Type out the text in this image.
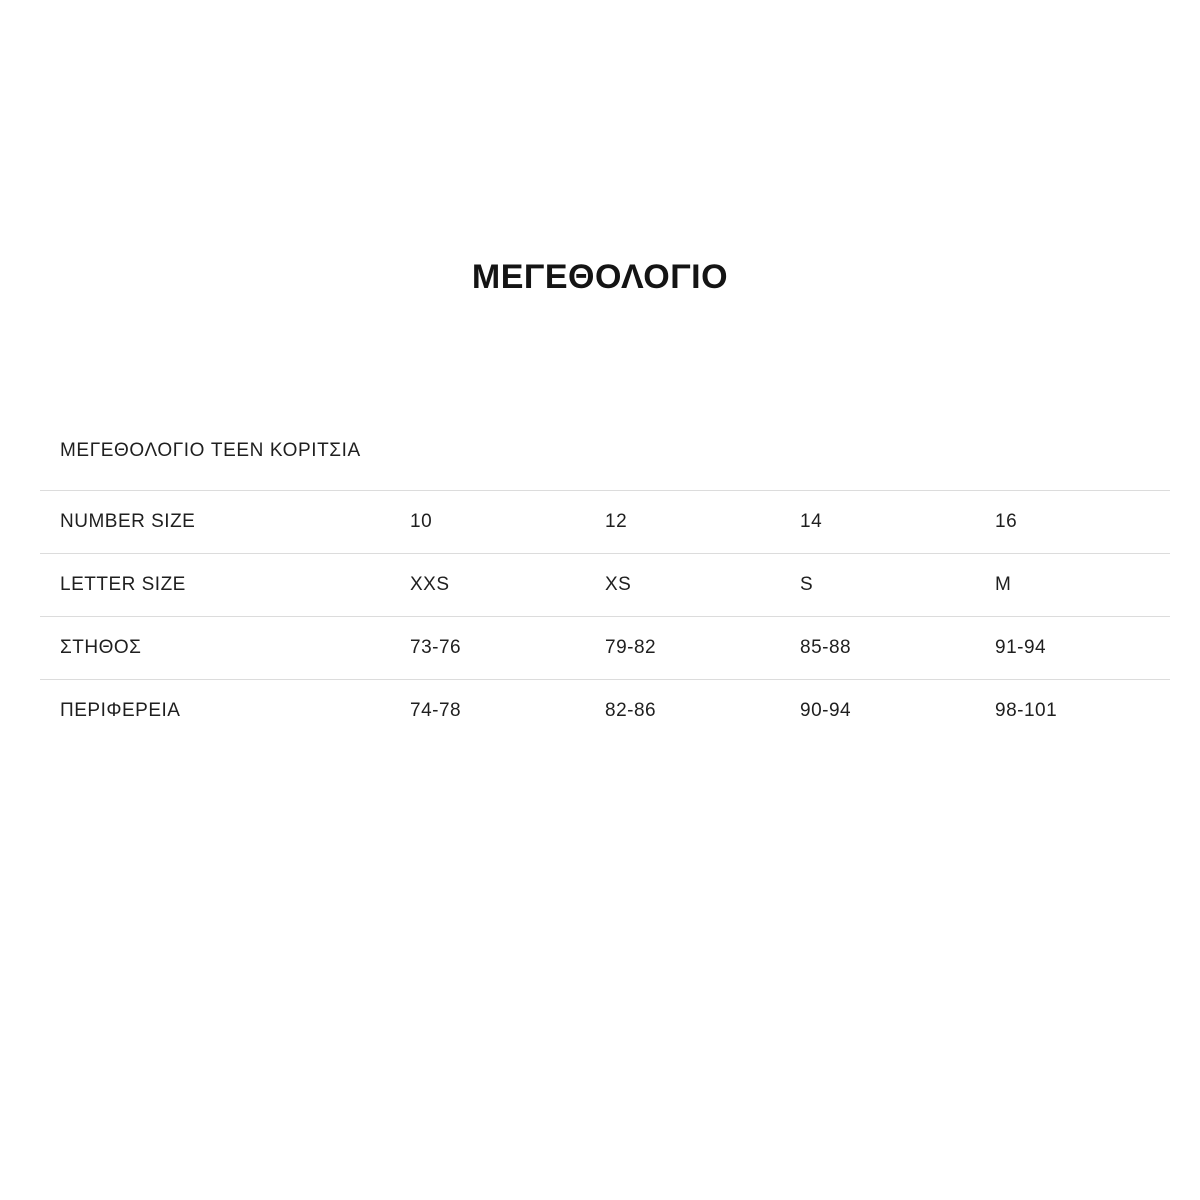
ΜΕΓΕΘΟΛΟΓΙΟ
ΜΕΓΕΘΟΛΟΓΙΟ TEEN ΚΟΡΙΤΣΙΑ
NUMBER SIZE	10	12	14	16	
LETTER SIZE	XXS	XS	S	M	
ΣΤΗΘΟΣ	73-76	79-82	85-88	91-94	
ΠΕΡΙΦΕΡΕΙΑ	74-78	82-86	90-94	98-101	
